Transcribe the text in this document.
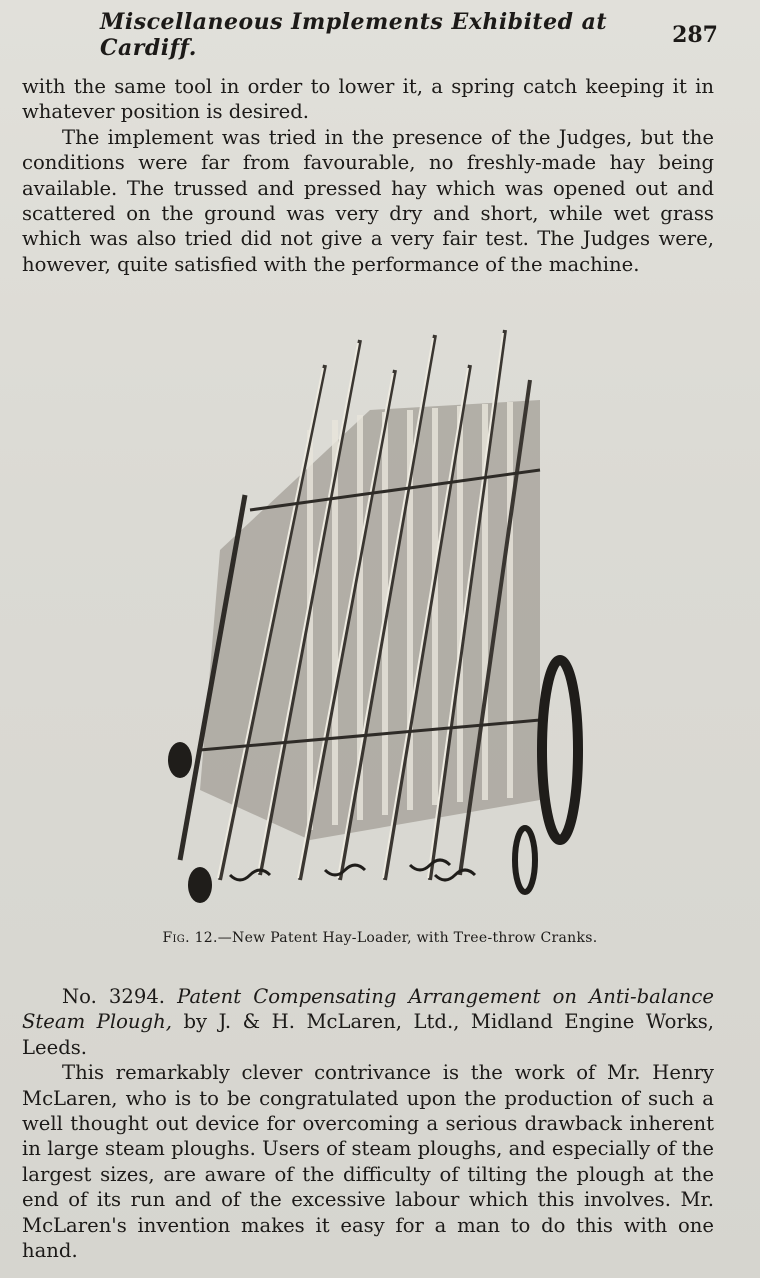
Miscellaneous Implements Exhibited at Cardiff.	287

with the same tool in order to lower it, a spring catch keeping it in whatever position is desired.

The implement was tried in the presence of the Judges, but the conditions were far from favourable, no freshly-made hay being available. The trussed and pressed hay which was opened out and scattered on the ground was very dry and short, while wet grass which was also tried did not give a very fair test. The Judges were, however, quite satisfied with the performance of the machine.

Fig. 12.—New Patent Hay-Loader, with Tree-throw Cranks.

No. 3294. Patent Compensating Arrangement on Anti-balance Steam Plough, by J. & H. McLaren, Ltd., Midland Engine Works, Leeds.

This remarkably clever contrivance is the work of Mr. Henry McLaren, who is to be congratulated upon the production of such a well thought out device for overcoming a serious drawback inherent in large steam ploughs. Users of steam ploughs, and especially of the largest sizes, are aware of the difficulty of tilting the plough at the end of its run and of the excessive labour which this involves. Mr. McLaren's invention makes it easy for a man to do this with one hand.
